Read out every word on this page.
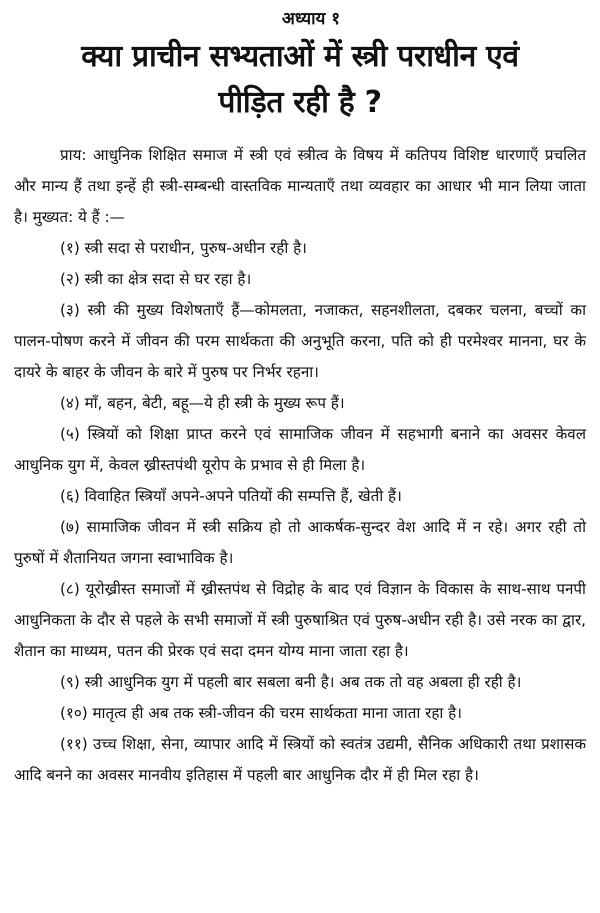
अध्याय १
क्या प्राचीन सभ्यताओं में स्त्री पराधीन एवं
पीड़ित रही है ?

प्राय: आधुनिक शिक्षित समाज में स्त्री एवं स्त्रीत्व के विषय में कतिपय विशिष्ट धारणाएँ प्रचलित और मान्य हैं तथा इन्हें ही स्त्री-सम्बन्धी वास्तविक मान्यताएँ तथा व्यवहार का आधार भी मान लिया जाता है। मुख्यत: ये हैं :—

(१) स्त्री सदा से पराधीन, पुरुष-अधीन रही है।

(२) स्त्री का क्षेत्र सदा से घर रहा है।

(३) स्त्री की मुख्य विशेषताएँ हैं—कोमलता, नजाकत, सहनशीलता, दबकर चलना, बच्चों का पालन-पोषण करने में जीवन की परम सार्थकता की अनुभूति करना, पति को ही परमेश्वर मानना, घर के दायरे के बाहर के जीवन के बारे में पुरुष पर निर्भर रहना।

(४) माँ, बहन, बेटी, बहू—ये ही स्त्री के मुख्य रूप हैं।

(५) स्त्रियों को शिक्षा प्राप्त करने एवं सामाजिक जीवन में सहभागी बनाने का अवसर केवल आधुनिक युग में, केवल ख्रीस्तपंथी यूरोप के प्रभाव से ही मिला है।

(६) विवाहित स्त्रियाँ अपने-अपने पतियों की सम्पत्ति हैं, खेती हैं।

(७) सामाजिक जीवन में स्त्री सक्रिय हो तो आकर्षक-सुन्दर वेश आदि में न रहे। अगर रही तो पुरुषों में शैतानियत जगना स्वाभाविक है।

(८) यूरोख्रीस्त समाजों में ख्रीस्तपंथ से विद्रोह के बाद एवं विज्ञान के विकास के साथ-साथ पनपी आधुनिकता के दौर से पहले के सभी समाजों में स्त्री पुरुषाश्रित एवं पुरुष-अधीन रही है। उसे नरक का द्वार, शैतान का माध्यम, पतन की प्रेरक एवं सदा दमन योग्य माना जाता रहा है।

(९) स्त्री आधुनिक युग में पहली बार सबला बनी है। अब तक तो वह अबला ही रही है।

(१०) मातृत्व ही अब तक स्त्री-जीवन की चरम सार्थकता माना जाता रहा है।

(११) उच्च शिक्षा, सेना, व्यापार आदि में स्त्रियों को स्वतंत्र उद्यमी, सैनिक अधिकारी तथा प्रशासक आदि बनने का अवसर मानवीय इतिहास में पहली बार आधुनिक दौर में ही मिल रहा है।
